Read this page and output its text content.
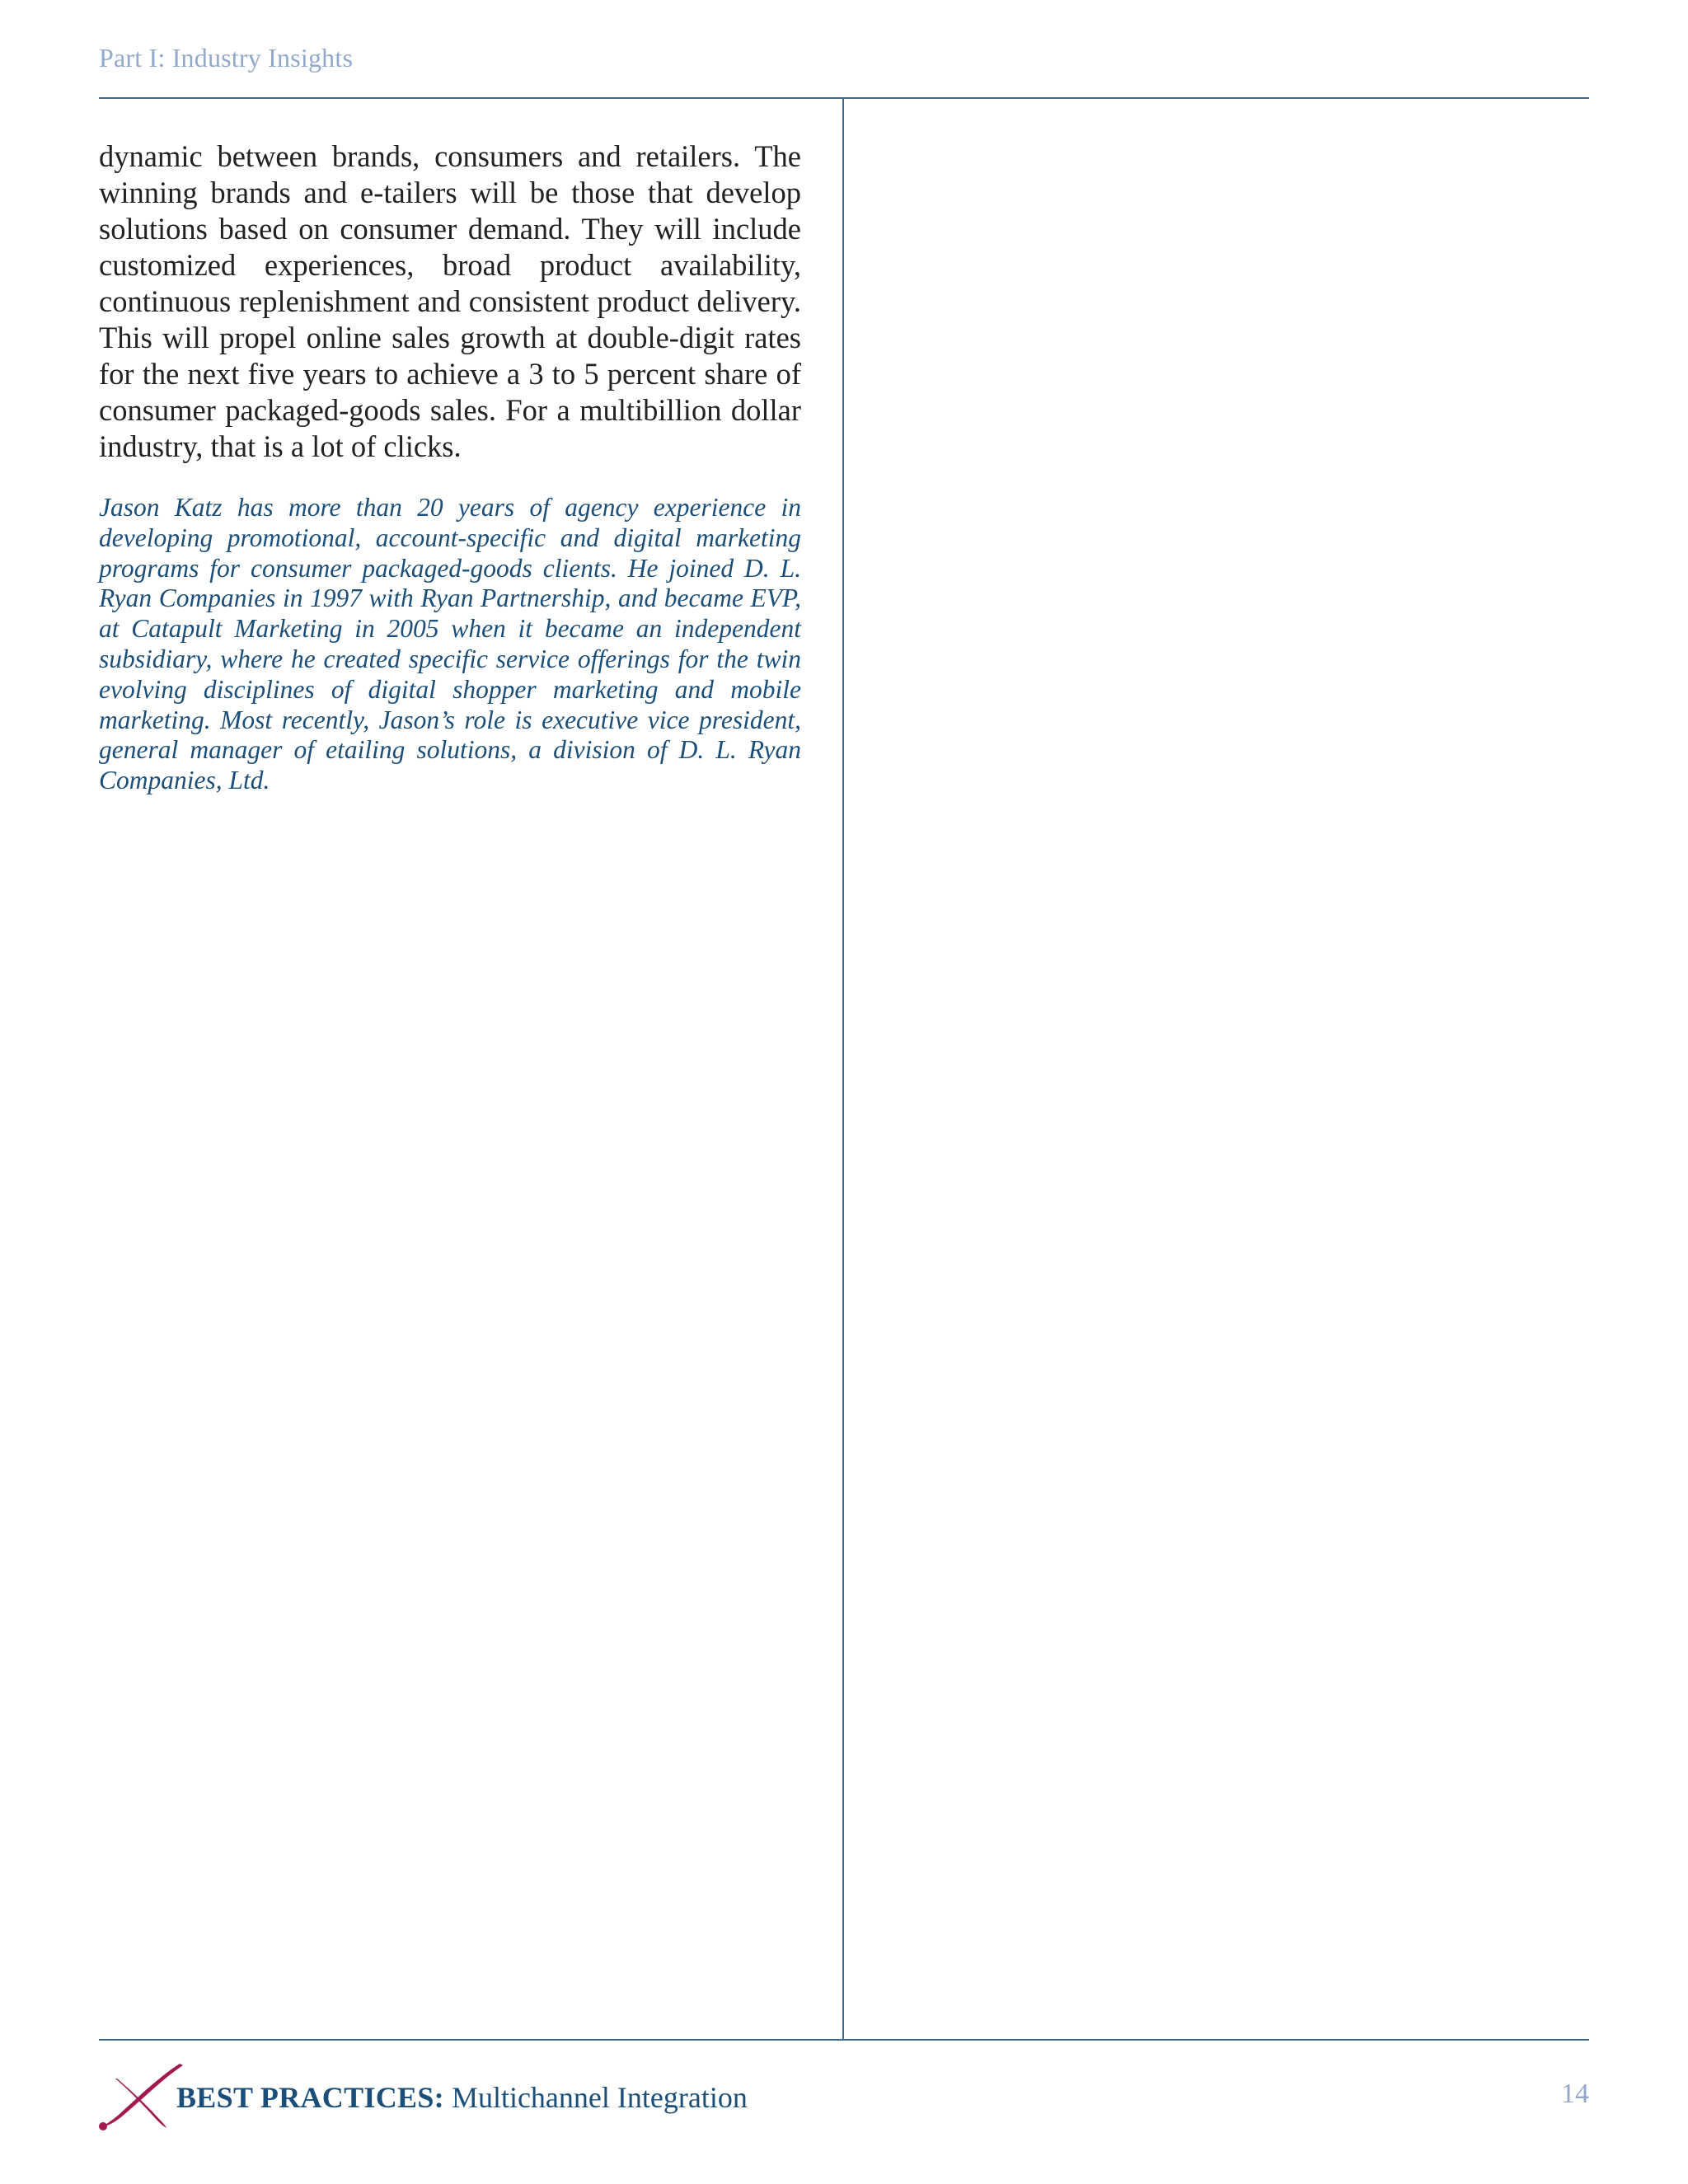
Part I: Industry Insights

dynamic between brands, consumers and retailers. The winning brands and e-tailers will be those that develop solutions based on consumer demand. They will include customized experiences, broad product availability, continuous replenishment and consistent product delivery. This will propel online sales growth at double-digit rates for the next five years to achieve a 3 to 5 percent share of consumer packaged-goods sales. For a multibillion dollar industry, that is a lot of clicks.

Jason Katz has more than 20 years of agency experience in developing promotional, account-specific and digital marketing programs for consumer packaged-goods clients. He joined D. L. Ryan Companies in 1997 with Ryan Partnership, and became EVP, at Catapult Marketing in 2005 when it became an independent subsidiary, where he created specific service offerings for the twin evolving disciplines of digital shopper marketing and mobile marketing. Most recently, Jason’s role is executive vice president, general manager of etailing solutions, a division of D. L. Ryan Companies, Ltd.

BEST PRACTICES: Multichannel Integration	14
